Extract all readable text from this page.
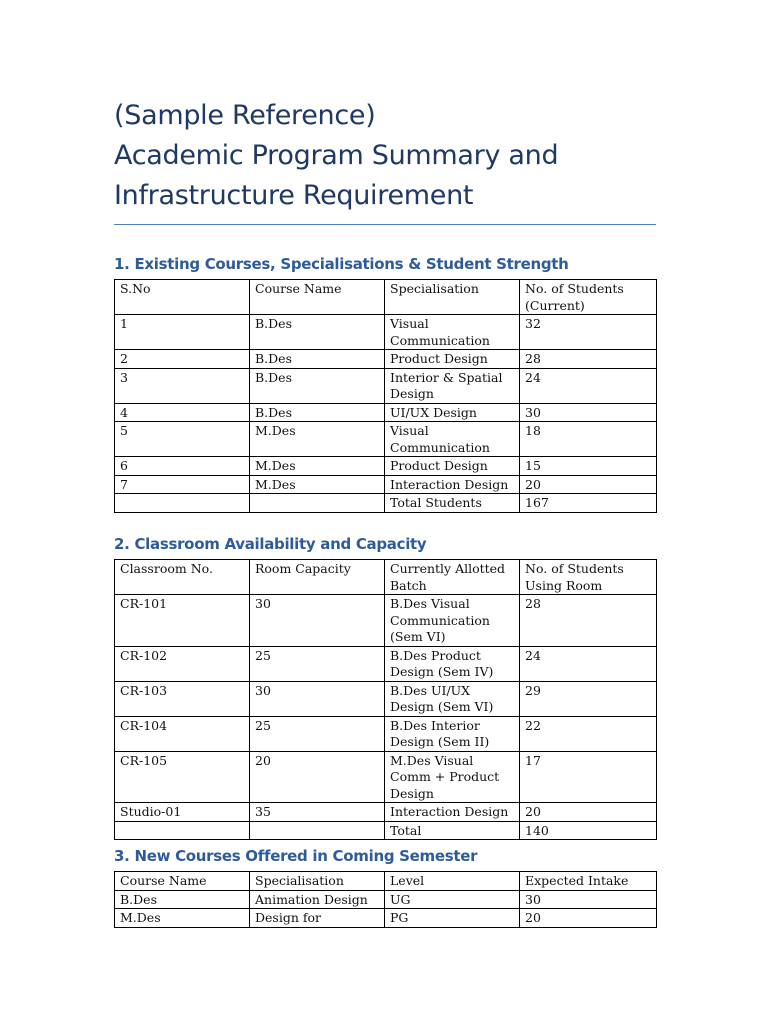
(Sample Reference)
Academic Program Summary and
Infrastructure Requirement
1. Existing Courses, Specialisations & Student Strength
S.No	Course Name	Specialisation	No. of Students (Current)
1	B.Des	Visual Communication	32
2	B.Des	Product Design	28
3	B.Des	Interior & Spatial Design	24
4	B.Des	UI/UX Design	30
5	M.Des	Visual Communication	18
6	M.Des	Product Design	15
7	M.Des	Interaction Design	20
		Total Students	167
2. Classroom Availability and Capacity
Classroom No.	Room Capacity	Currently Allotted Batch	No. of Students Using Room
CR-101	30	B.Des Visual Communication (Sem VI)	28
CR-102	25	B.Des Product Design (Sem IV)	24
CR-103	30	B.Des UI/UX Design (Sem VI)	29
CR-104	25	B.Des Interior Design (Sem II)	22
CR-105	20	M.Des Visual Comm + Product Design	17
Studio-01	35	Interaction Design	20
		Total	140
3. New Courses Offered in Coming Semester
Course Name	Specialisation	Level	Expected Intake
B.Des	Animation Design	UG	30
M.Des	Design for	PG	20
